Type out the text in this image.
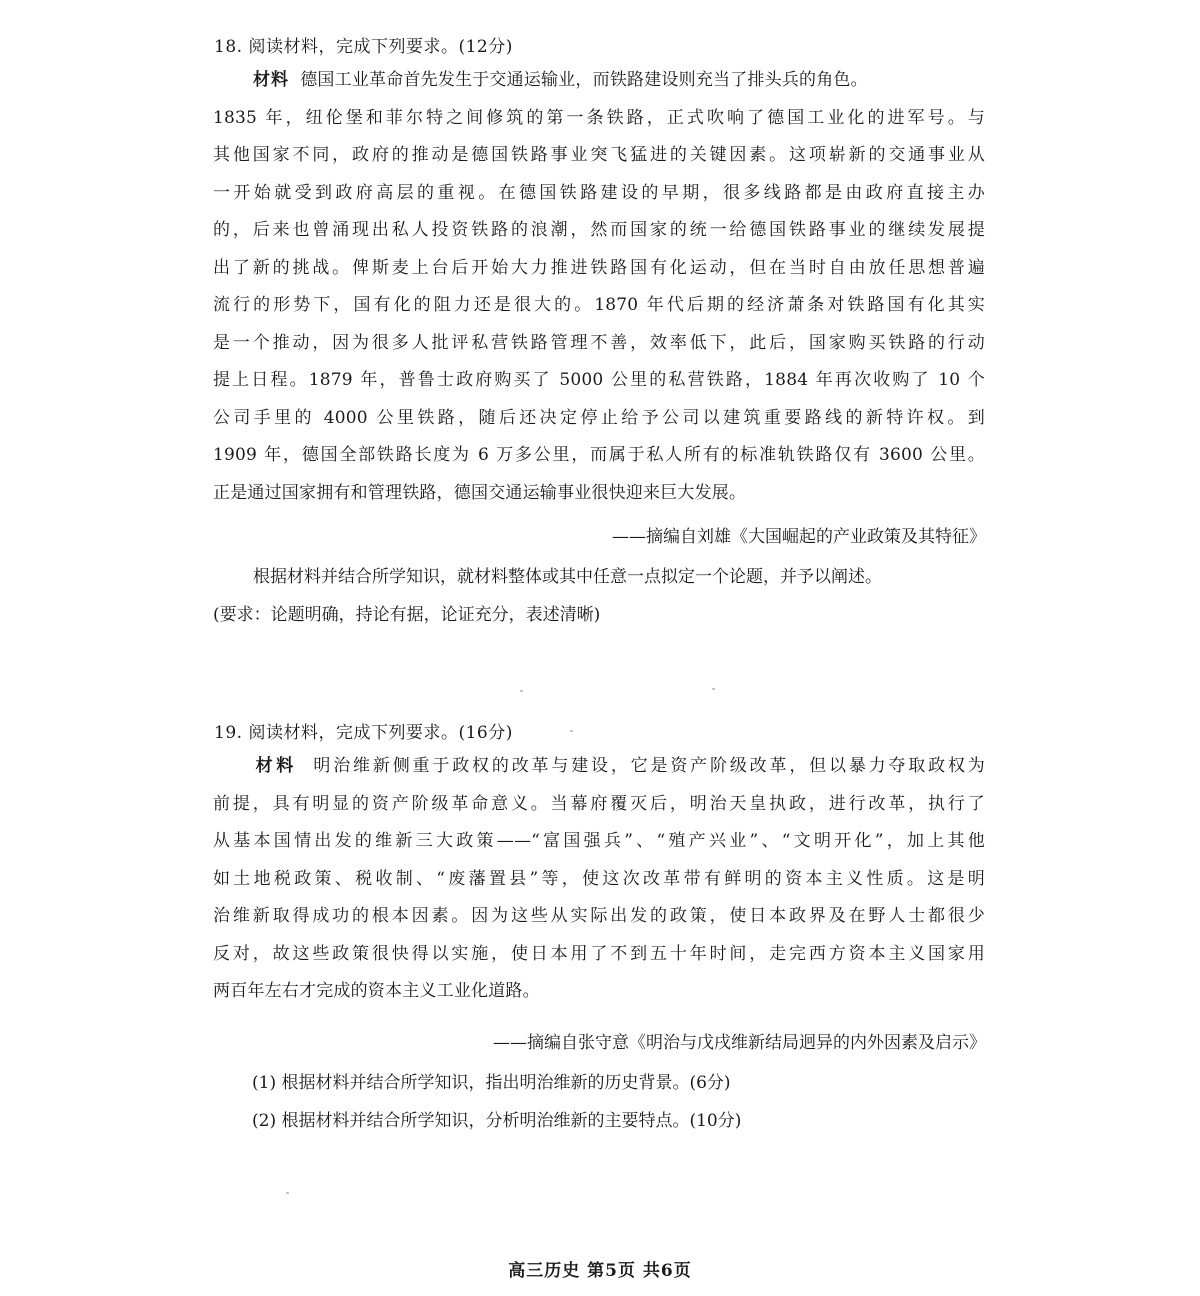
18. 阅读材料，完成下列要求。(12分)
材料 德国工业革命首先发生于交通运输业，而铁路建设则充当了排头兵的角色。
1835 年，纽伦堡和菲尔特之间修筑的第一条铁路，正式吹响了德国工业化的进军号。与
其他国家不同，政府的推动是德国铁路事业突飞猛进的关键因素。这项崭新的交通事业从
一开始就受到政府高层的重视。在德国铁路建设的早期，很多线路都是由政府直接主办
的，后来也曾涌现出私人投资铁路的浪潮，然而国家的统一给德国铁路事业的继续发展提
出了新的挑战。俾斯麦上台后开始大力推进铁路国有化运动，但在当时自由放任思想普遍
流行的形势下，国有化的阻力还是很大的。1870 年代后期的经济萧条对铁路国有化其实
是一个推动，因为很多人批评私营铁路管理不善，效率低下，此后，国家购买铁路的行动
提上日程。1879 年，普鲁士政府购买了 5000 公里的私营铁路，1884 年再次收购了 10 个
公司手里的 4000 公里铁路，随后还决定停止给予公司以建筑重要路线的新特许权。到
1909 年，德国全部铁路长度为 6 万多公里，而属于私人所有的标准轨铁路仅有 3600 公里。
正是通过国家拥有和管理铁路，德国交通运输事业很快迎来巨大发展。
——摘编自刘雄《大国崛起的产业政策及其特征》
根据材料并结合所学知识，就材料整体或其中任意一点拟定一个论题，并予以阐述。
(要求：论题明确，持论有据，论证充分，表述清晰)
19. 阅读材料，完成下列要求。(16分)
材料 明治维新侧重于政权的改革与建设，它是资产阶级改革，但以暴力夺取政权为
前提，具有明显的资产阶级革命意义。当幕府覆灭后，明治天皇执政，进行改革，执行了
从基本国情出发的维新三大政策——“富国强兵”、“殖产兴业”、“文明开化”，加上其他
如土地税政策、税收制、“废藩置县”等，使这次改革带有鲜明的资本主义性质。这是明
治维新取得成功的根本因素。因为这些从实际出发的政策，使日本政界及在野人士都很少
反对，故这些政策很快得以实施，使日本用了不到五十年时间，走完西方资本主义国家用
两百年左右才完成的资本主义工业化道路。
——摘编自张守意《明治与戊戌维新结局迥异的内外因素及启示》
(1) 根据材料并结合所学知识，指出明治维新的历史背景。(6分)
(2) 根据材料并结合所学知识，分析明治维新的主要特点。(10分)
高三历史 第5页 共6页
